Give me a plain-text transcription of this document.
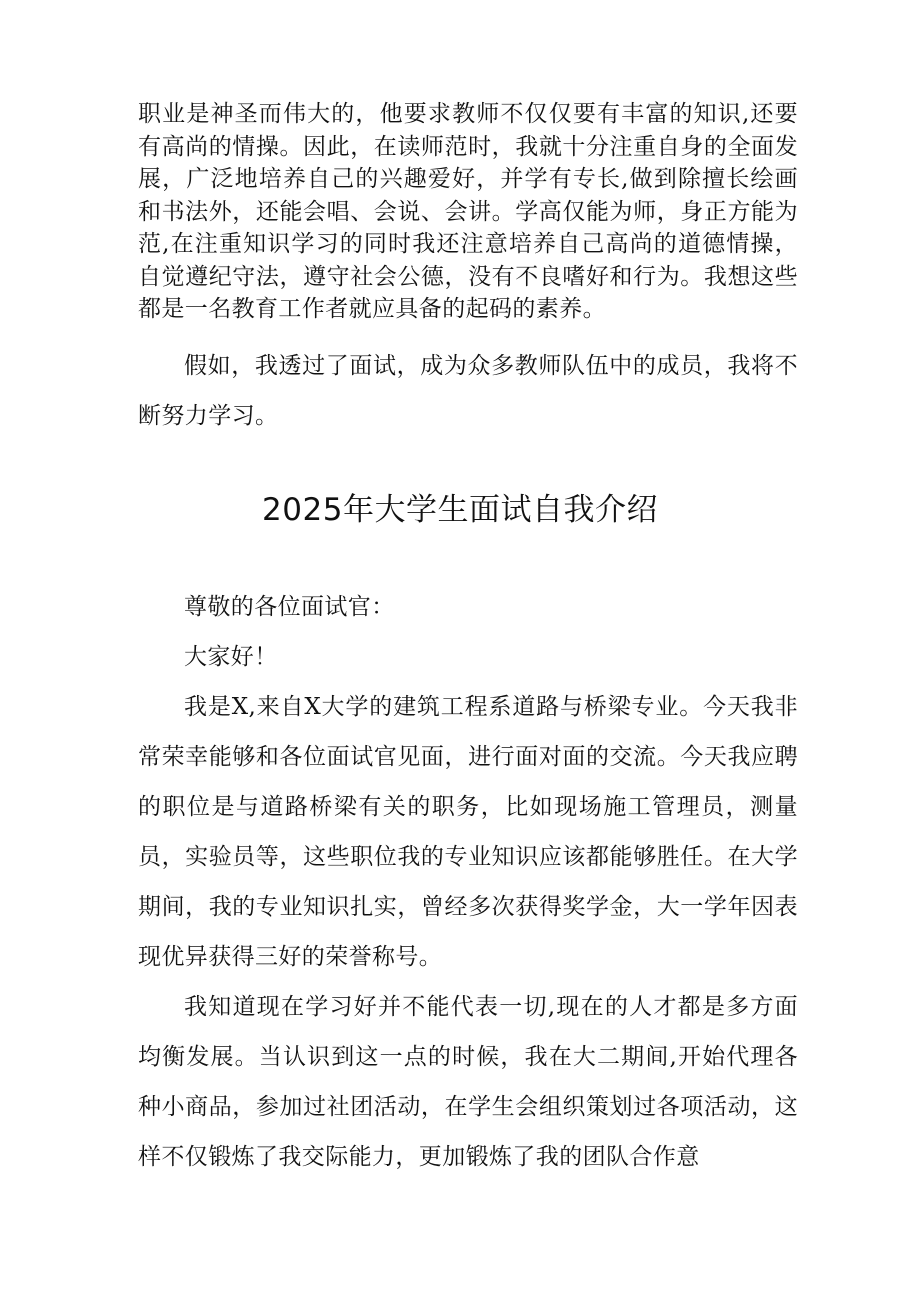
职业是神圣而伟大的，他要求教师不仅仅要有丰富的知识,还要有高尚的情操。因此，在读师范时，我就十分注重自身的全面发展，广泛地培养自己的兴趣爱好，并学有专长,做到除擅长绘画和书法外，还能会唱、会说、会讲。学高仅能为师，身正方能为范,在注重知识学习的同时我还注意培养自己高尚的道德情操，自觉遵纪守法，遵守社会公德，没有不良嗜好和行为。我想这些都是一名教育工作者就应具备的起码的素养。

假如，我透过了面试，成为众多教师队伍中的成员，我将不断努力学习。

2025年大学生面试自我介绍

尊敬的各位面试官：

大家好！

我是X,来自X大学的建筑工程系道路与桥梁专业。今天我非常荣幸能够和各位面试官见面，进行面对面的交流。今天我应聘的职位是与道路桥梁有关的职务，比如现场施工管理员，测量员，实验员等，这些职位我的专业知识应该都能够胜任。在大学期间，我的专业知识扎实，曾经多次获得奖学金，大一学年因表现优异获得三好的荣誉称号。

我知道现在学习好并不能代表一切,现在的人才都是多方面均衡发展。当认识到这一点的时候，我在大二期间,开始代理各种小商品，参加过社团活动，在学生会组织策划过各项活动，这样不仅锻炼了我交际能力，更加锻炼了我的团队合作意
